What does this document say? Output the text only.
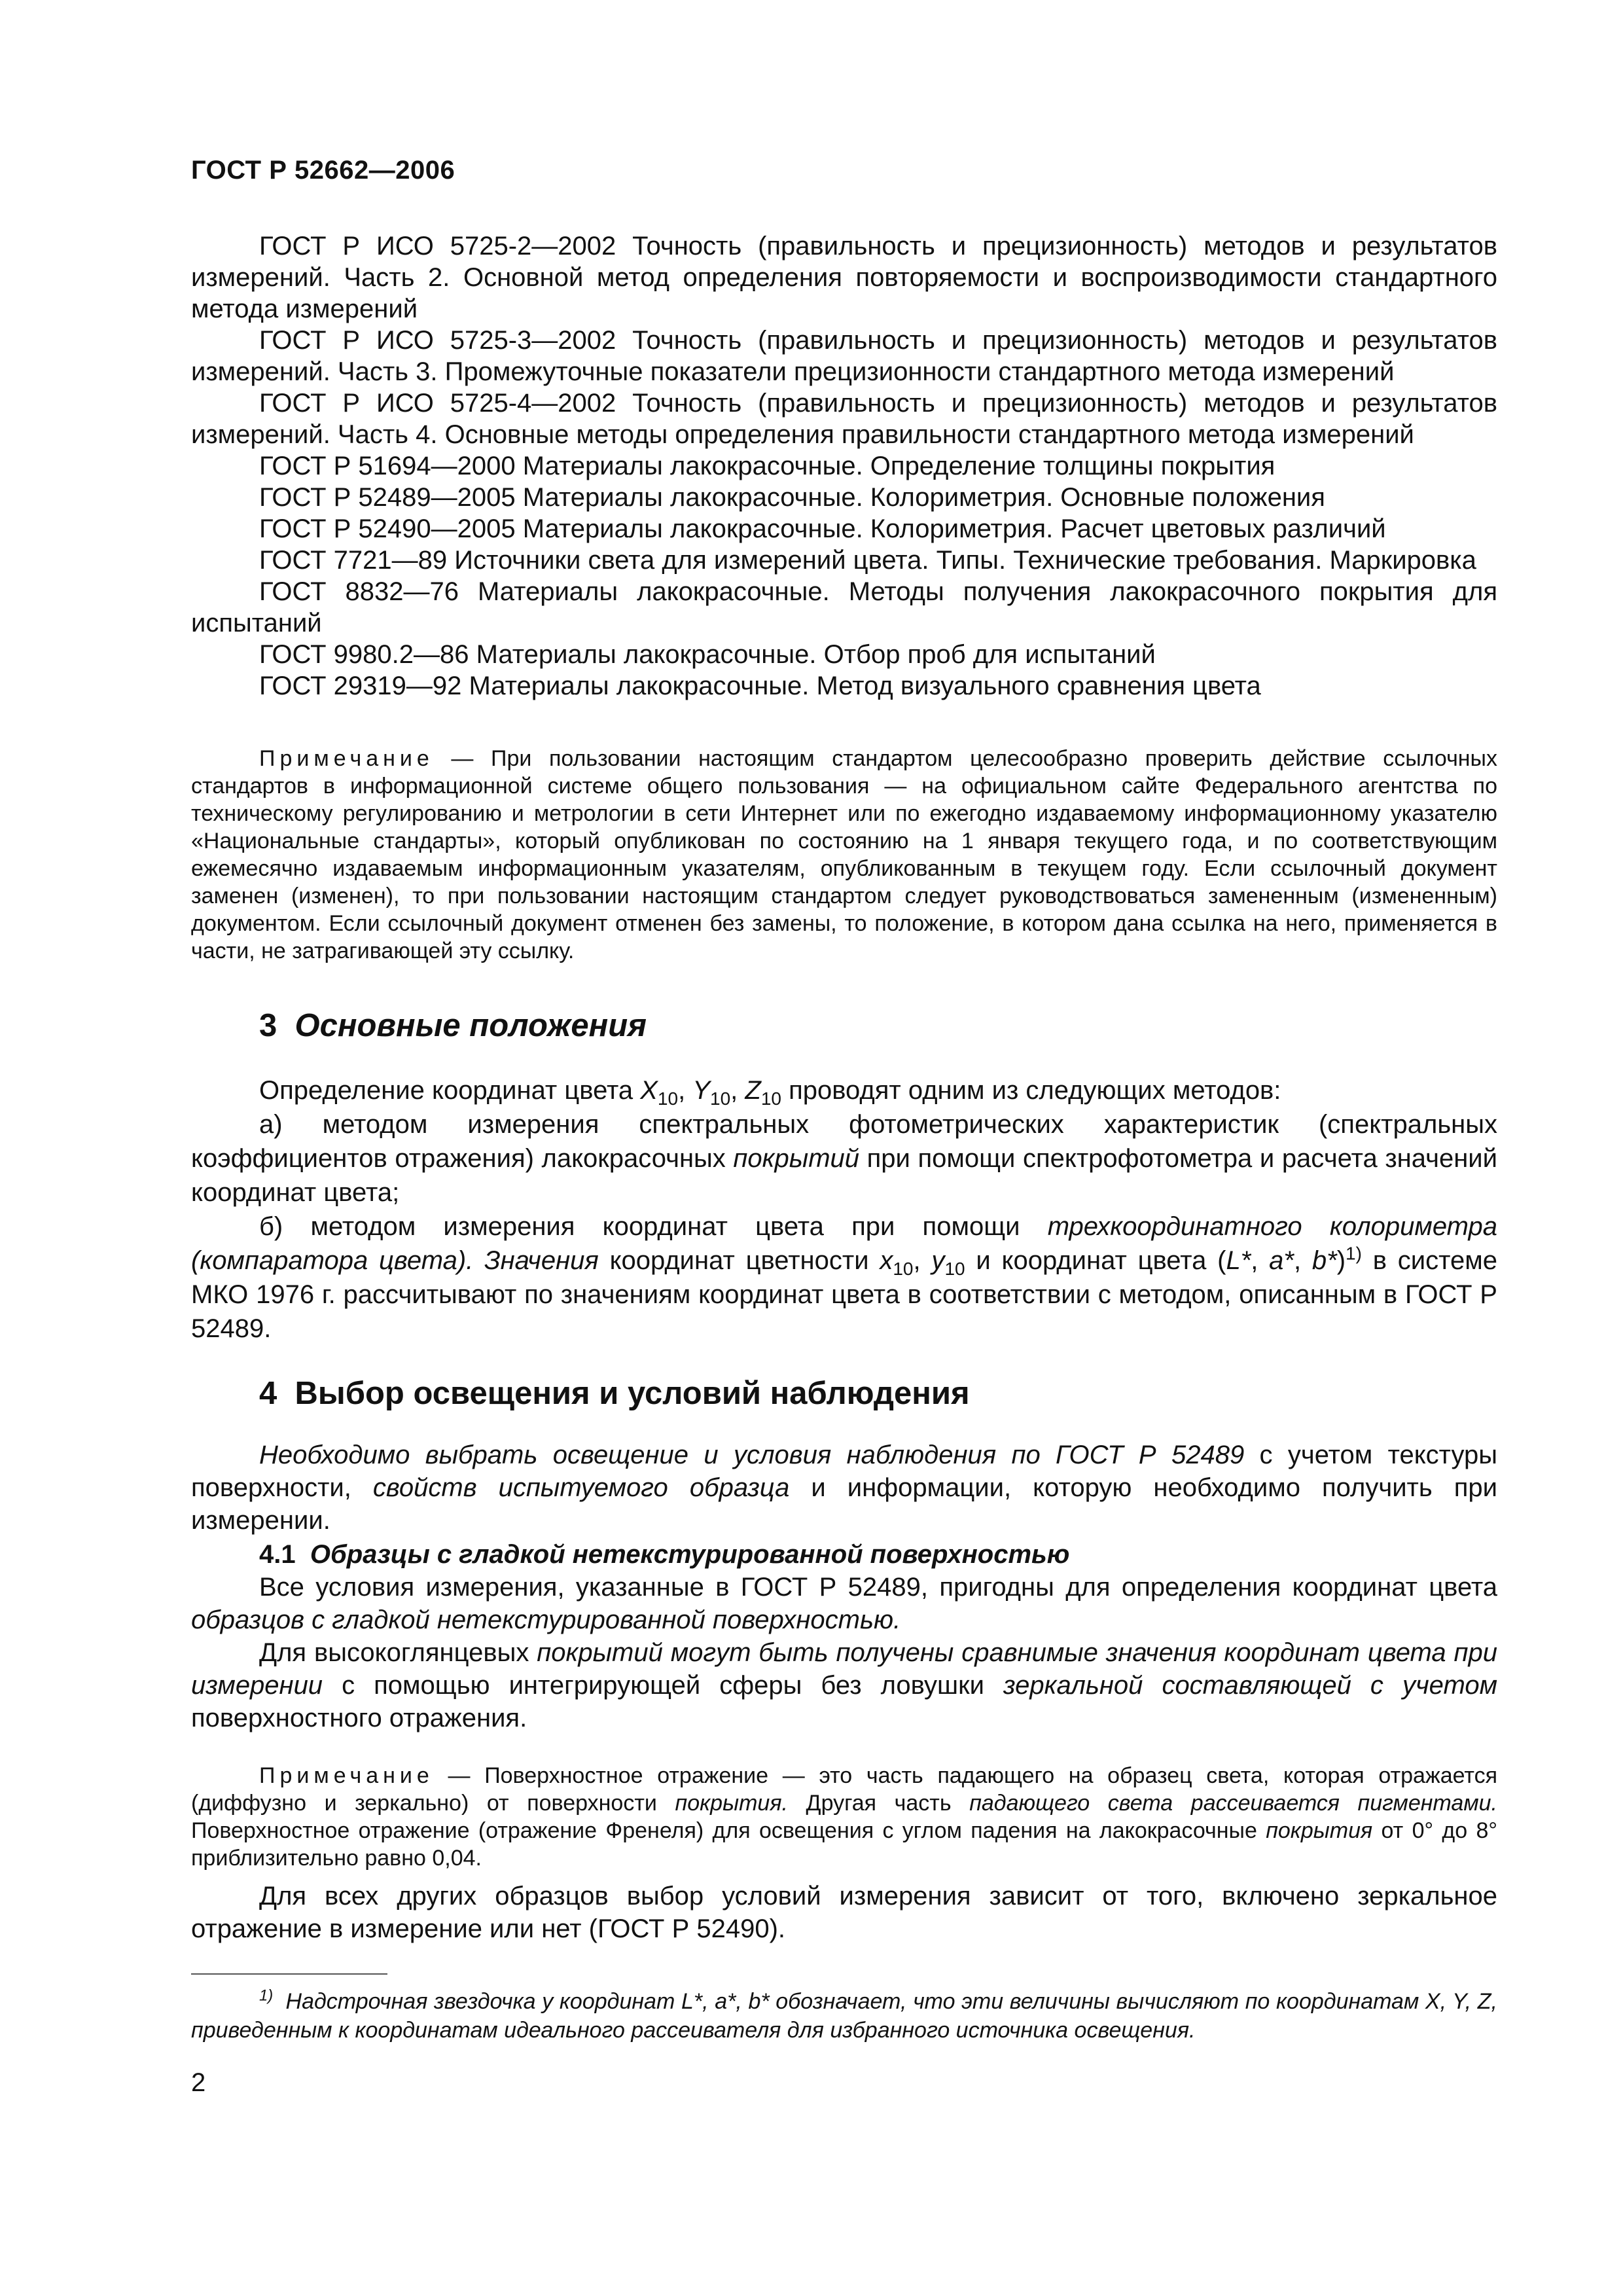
ГОСТ Р 52662—2006

ГОСТ Р ИСО 5725-2—2002 Точность (правильность и прецизионность) методов и результатов измерений. Часть 2. Основной метод определения повторяемости и воспроизводимости стандартного метода измерений

ГОСТ Р ИСО 5725-3—2002 Точность (правильность и прецизионность) методов и результатов измерений. Часть 3. Промежуточные показатели прецизионности стандартного метода измерений

ГОСТ Р ИСО 5725-4—2002 Точность (правильность и прецизионность) методов и результатов измерений. Часть 4. Основные методы определения правильности стандартного метода измерений

ГОСТ Р 51694—2000 Материалы лакокрасочные. Определение толщины покрытия

ГОСТ Р 52489—2005 Материалы лакокрасочные. Колориметрия. Основные положения

ГОСТ Р 52490—2005 Материалы лакокрасочные. Колориметрия. Расчет цветовых различий

ГОСТ 7721—89 Источники света для измерений цвета. Типы. Технические требования. Маркировка

ГОСТ 8832—76 Материалы лакокрасочные. Методы получения лакокрасочного покрытия для испытаний

ГОСТ 9980.2—86 Материалы лакокрасочные. Отбор проб для испытаний

ГОСТ 29319—92 Материалы лакокрасочные. Метод визуального сравнения цвета

Примечание — При пользовании настоящим стандартом целесообразно проверить действие ссылочных стандартов в информационной системе общего пользования — на официальном сайте Федерального агентства по техническому регулированию и метрологии в сети Интернет или по ежегодно издаваемому информационному указателю «Национальные стандарты», который опубликован по состоянию на 1 января текущего года, и по соответствующим ежемесячно издаваемым информационным указателям, опубликованным в текущем году. Если ссылочный документ заменен (изменен), то при пользовании настоящим стандартом следует руководствоваться замененным (измененным) документом. Если ссылочный документ отменен без замены, то положение, в котором дана ссылка на него, применяется в части, не затрагивающей эту ссылку.

3 Основные положения

Определение координат цвета $X_{10}$, $Y_{10}$, $Z_{10}$ проводят одним из следующих методов:

а) методом измерения спектральных фотометрических характеристик (спектральных коэффициентов отражения) лакокрасочных покрытий при помощи спектрофотометра и расчета значений координат цвета;

б) методом измерения координат цвета при помощи трехкоординатного колориметра (компаратора цвета). Значения координат цветности $x_{10}$, $y_{10}$ и координат цвета (L*, a*, b*)$^{1)}$ в системе МКО 1976 г. рассчитывают по значениям координат цвета в соответствии с методом, описанным в ГОСТ Р 52489.

4 Выбор освещения и условий наблюдения

Необходимо выбрать освещение и условия наблюдения по ГОСТ Р 52489 с учетом текстуры поверхности, свойств испытуемого образца и информации, которую необходимо получить при измерении.

4.1 Образцы с гладкой нетекстурированной поверхностью

Все условия измерения, указанные в ГОСТ Р 52489, пригодны для определения координат цвета образцов с гладкой нетекстурированной поверхностью.

Для высокоглянцевых покрытий могут быть получены сравнимые значения координат цвета при измерении с помощью интегрирующей сферы без ловушки зеркальной составляющей с учетом поверхностного отражения.

Примечание — Поверхностное отражение — это часть падающего на образец света, которая отражается (диффузно и зеркально) от поверхности покрытия. Другая часть падающего света рассеивается пигментами. Поверхностное отражение (отражение Френеля) для освещения с углом падения на лакокрасочные покрытия от 0° до 8° приблизительно равно 0,04.

Для всех других образцов выбор условий измерения зависит от того, включено зеркальное отражение в измерение или нет (ГОСТ Р 52490).

$^{1)}$ Надстрочная звездочка у координат L*, a*, b* обозначает, что эти величины вычисляют по координатам X, Y, Z, приведенным к координатам идеального рассеивателя для избранного источника освещения.

2
